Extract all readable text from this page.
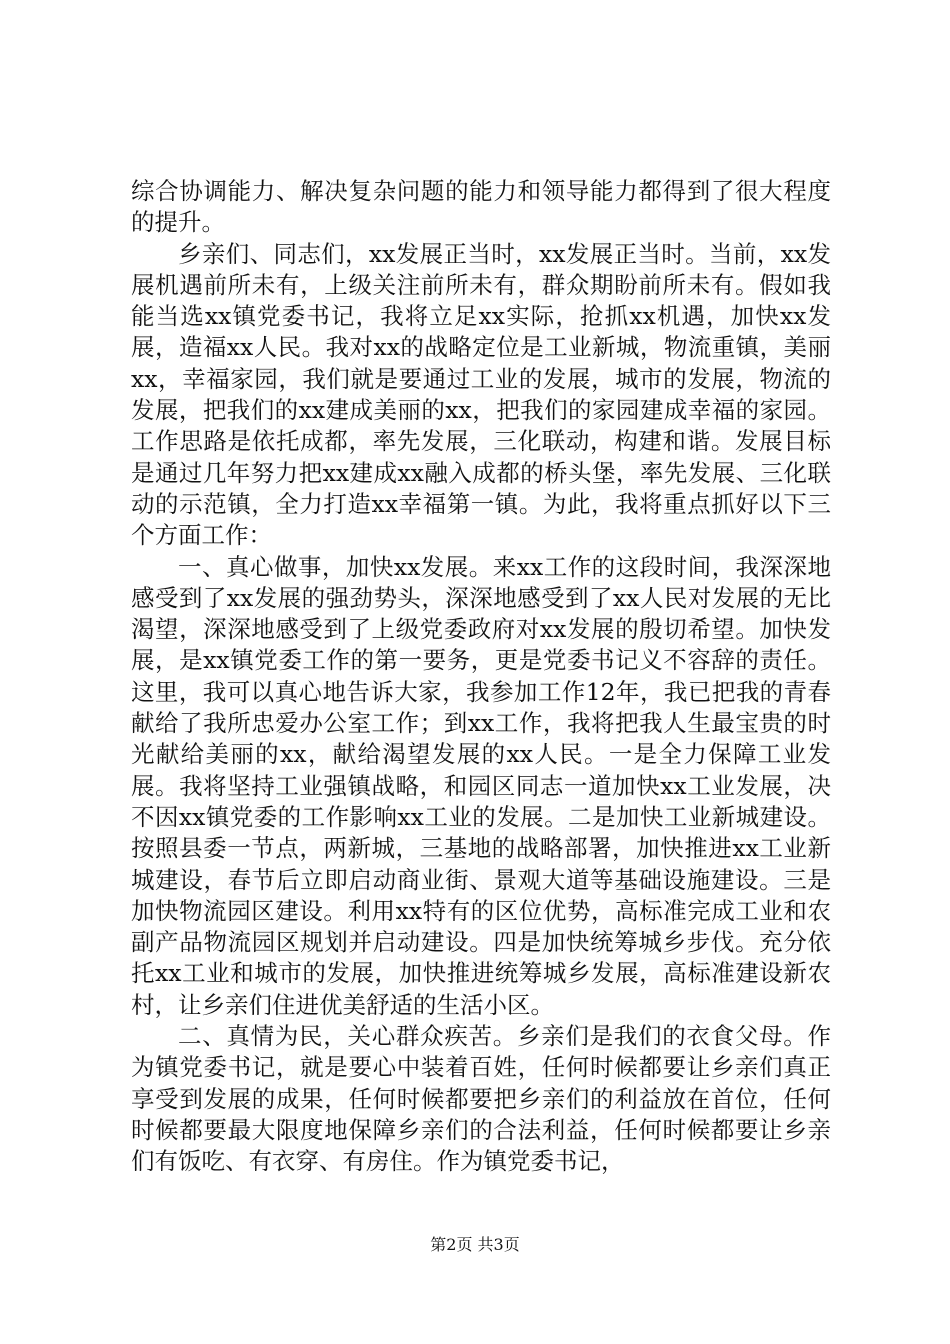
综合协调能力、解决复杂问题的能力和领导能力都得到了很大程度的提升。

乡亲们、同志们，xx发展正当时，xx发展正当时。当前，xx发展机遇前所未有，上级关注前所未有，群众期盼前所未有。假如我能当选xx镇党委书记，我将立足xx实际，抢抓xx机遇，加快xx发展，造福xx人民。我对xx的战略定位是工业新城，物流重镇，美丽xx，幸福家园，我们就是要通过工业的发展，城市的发展，物流的发展，把我们的xx建成美丽的xx，把我们的家园建成幸福的家园。工作思路是依托成都，率先发展，三化联动，构建和谐。发展目标是通过几年努力把xx建成xx融入成都的桥头堡，率先发展、三化联动的示范镇，全力打造xx幸福第一镇。为此，我将重点抓好以下三个方面工作：

一、真心做事，加快xx发展。来xx工作的这段时间，我深深地感受到了xx发展的强劲势头，深深地感受到了xx人民对发展的无比渴望，深深地感受到了上级党委政府对xx发展的殷切希望。加快发展，是xx镇党委工作的第一要务，更是党委书记义不容辞的责任。这里，我可以真心地告诉大家，我参加工作12年，我已把我的青春献给了我所忠爱办公室工作；到xx工作，我将把我人生最宝贵的时光献给美丽的xx，献给渴望发展的xx人民。一是全力保障工业发展。我将坚持工业强镇战略，和园区同志一道加快xx工业发展，决不因xx镇党委的工作影响xx工业的发展。二是加快工业新城建设。按照县委一节点，两新城，三基地的战略部署，加快推进xx工业新城建设，春节后立即启动商业街、景观大道等基础设施建设。三是加快物流园区建设。利用xx特有的区位优势，高标准完成工业和农副产品物流园区规划并启动建设。四是加快统筹城乡步伐。充分依托xx工业和城市的发展，加快推进统筹城乡发展，高标准建设新农村，让乡亲们住进优美舒适的生活小区。

二、真情为民，关心群众疾苦。乡亲们是我们的衣食父母。作为镇党委书记，就是要心中装着百姓，任何时候都要让乡亲们真正享受到发展的成果，任何时候都要把乡亲们的利益放在首位，任何时候都要最大限度地保障乡亲们的合法利益，任何时候都要让乡亲们有饭吃、有衣穿、有房住。作为镇党委书记，

第2页 共3页
